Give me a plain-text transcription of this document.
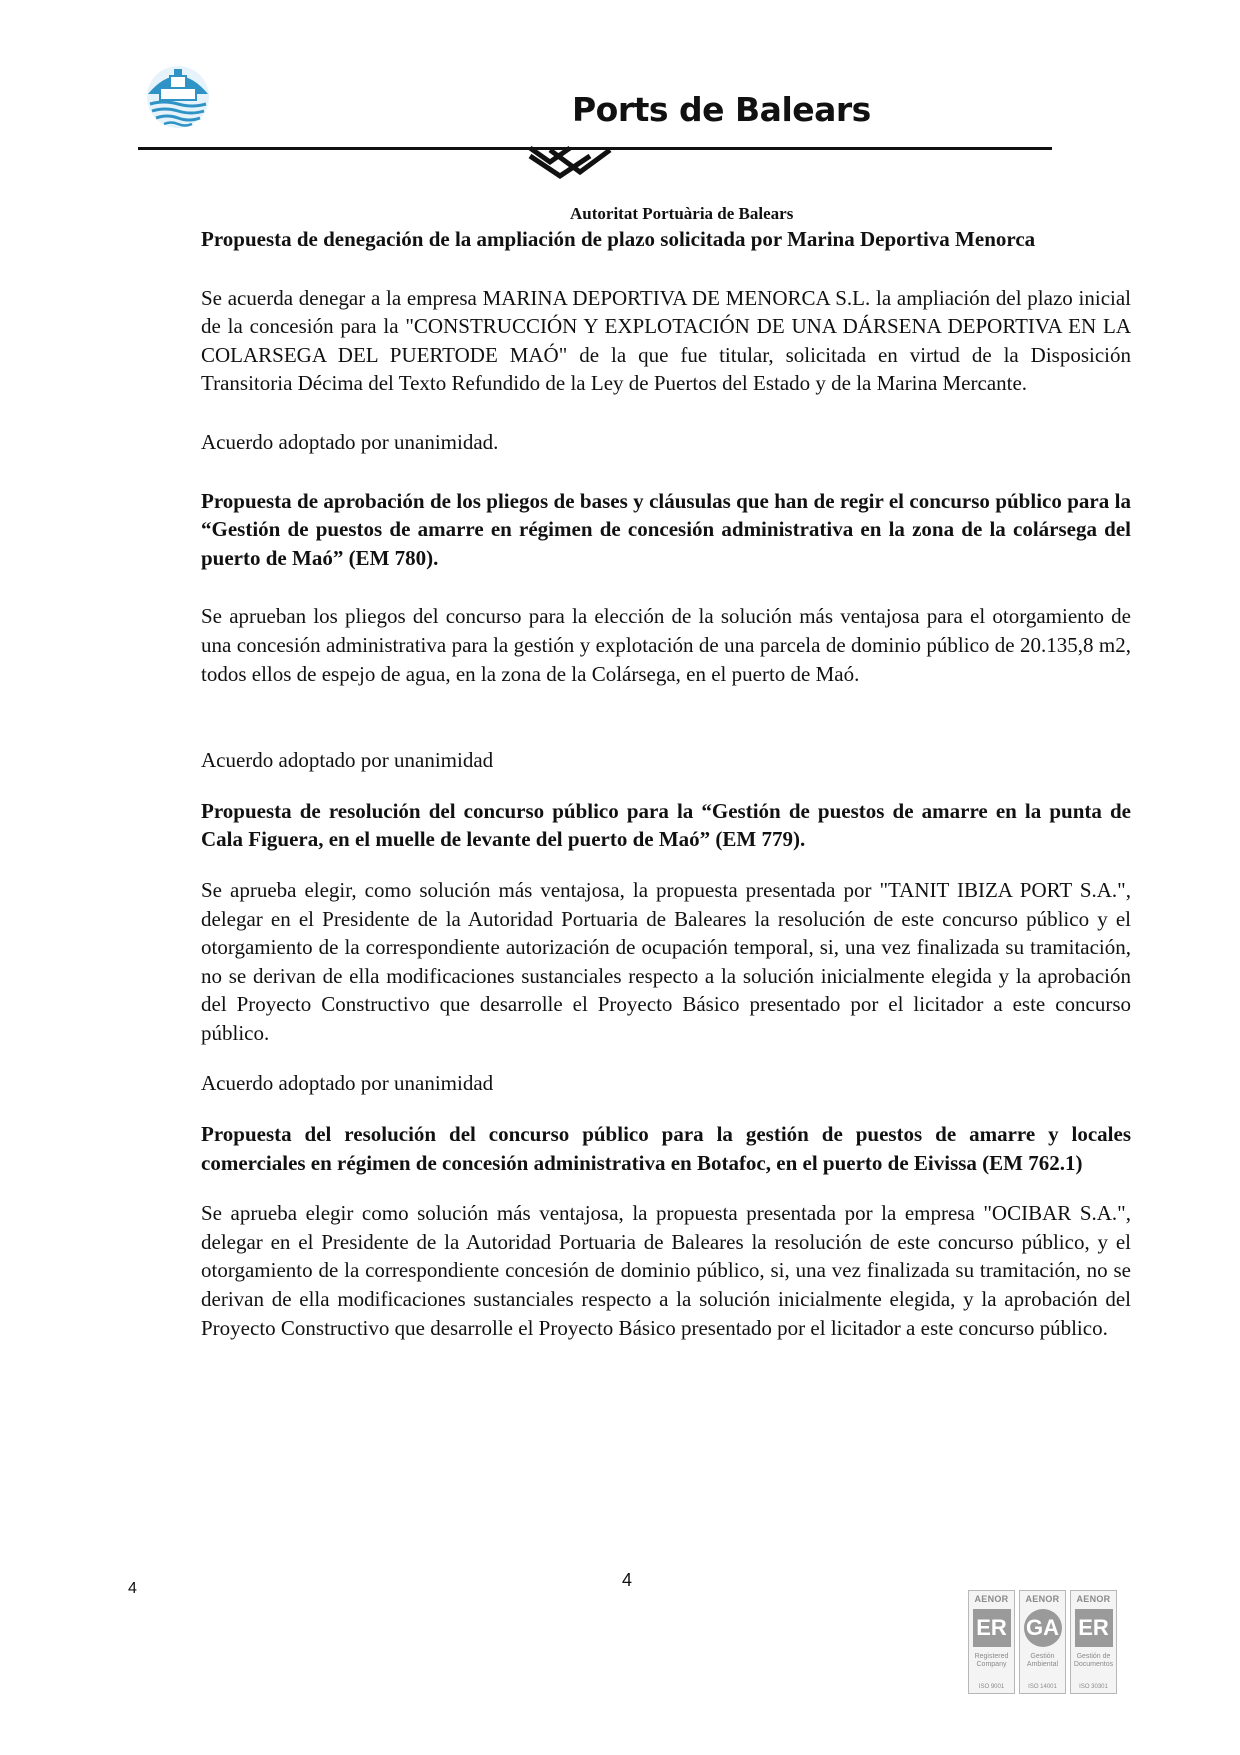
Ports de Balears
Autoritat Portuària de Balears

Propuesta de denegación de la ampliación de plazo solicitada por Marina Deportiva Menorca

Se acuerda denegar a la empresa MARINA DEPORTIVA DE MENORCA S.L. la ampliación del plazo inicial de la concesión para la "CONSTRUCCIÓN Y EXPLOTACIÓN DE UNA DÁRSENA DEPORTIVA EN LA COLARSEGA DEL PUERTODE MAÓ" de la que fue titular, solicitada en virtud de la Disposición Transitoria Décima del Texto Refundido de la Ley de Puertos del Estado y de la Marina Mercante.

Acuerdo adoptado por unanimidad.

Propuesta de aprobación de los pliegos de bases y cláusulas que han de regir el concurso público para la “Gestión de puestos de amarre en régimen de concesión administrativa en la zona de la colársega del puerto de Maó” (EM 780).

Se aprueban los pliegos del concurso para la elección de la solución más ventajosa para el otorgamiento de una concesión administrativa para la gestión y explotación de una parcela de dominio público de 20.135,8 m2, todos ellos de espejo de agua, en la zona de la Colársega, en el puerto de Maó.

Acuerdo adoptado por unanimidad

Propuesta de resolución del concurso público para la “Gestión de puestos de amarre en la punta de Cala Figuera, en el muelle de levante del puerto de Maó” (EM 779).

Se aprueba elegir, como solución más ventajosa, la propuesta presentada por "TANIT IBIZA PORT S.A.", delegar en el Presidente de la Autoridad Portuaria de Baleares la resolución de este concurso público y el otorgamiento de la correspondiente autorización de ocupación temporal, si, una vez finalizada su tramitación, no se derivan de ella modificaciones sustanciales respecto a la solución inicialmente elegida y la aprobación del Proyecto Constructivo que desarrolle el Proyecto Básico presentado por el licitador a este concurso público.

Acuerdo adoptado por unanimidad

Propuesta del resolución del concurso público para la gestión de puestos de amarre y locales comerciales en régimen de concesión administrativa en Botafoc, en el puerto de Eivissa (EM 762.1)

Se aprueba elegir como solución más ventajosa, la propuesta presentada por la empresa "OCIBAR S.A.", delegar en el Presidente de la Autoridad Portuaria de Baleares la resolución de este concurso público, y el otorgamiento de la correspondiente concesión de dominio público, si, una vez finalizada su tramitación, no se derivan de ella modificaciones sustanciales respecto a la solución inicialmente elegida, y la aprobación del Proyecto Constructivo que desarrolle el Proyecto Básico presentado por el licitador a este concurso público.

4	4
AENOR
ER
Registered
Company
ISO 9001
AENOR
GA
Gestión
Ambiental
ISO 14001
AENOR
ER
Gestión de
Documentos
ISO 30301
